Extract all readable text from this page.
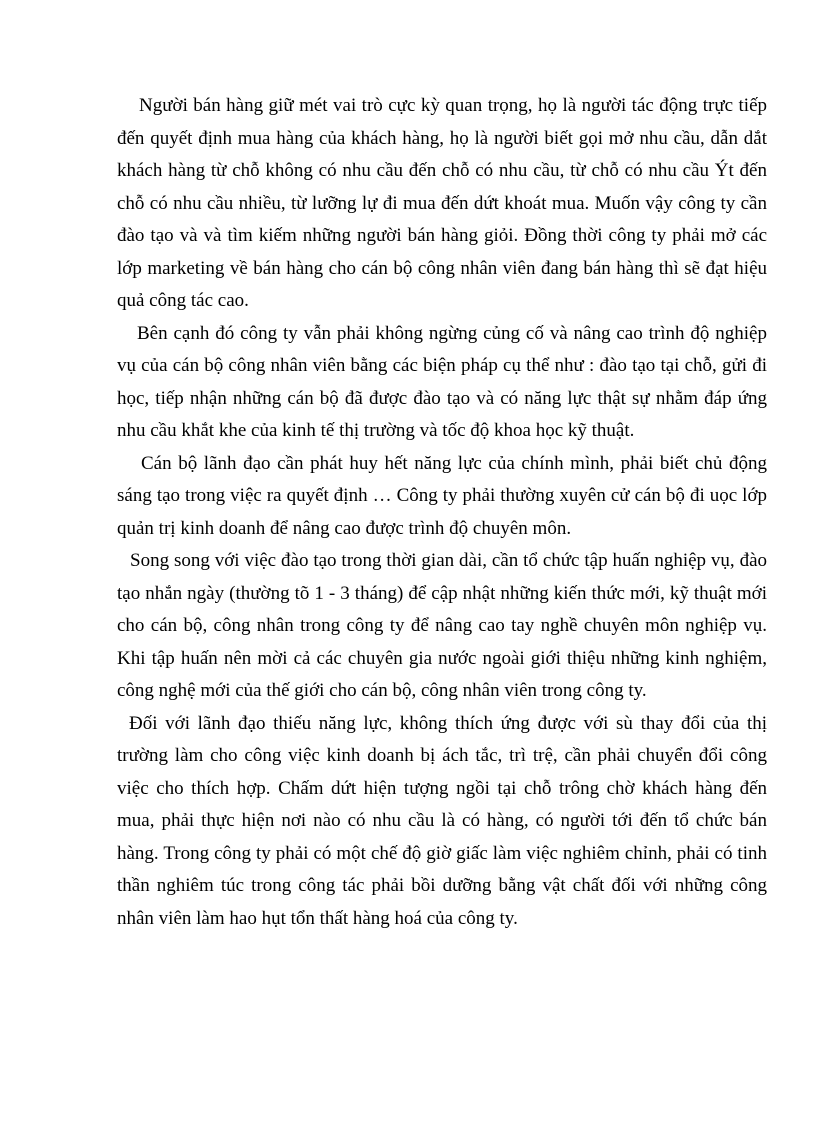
Người bán hàng giữ mét vai trò cực kỳ quan trọng, họ là người tác động trực tiếp đến quyết định mua hàng của khách hàng, họ là người biết gọi mở nhu cầu, dẫn dắt khách hàng từ chỗ không có nhu cầu đến chỗ có nhu cầu, từ chỗ có nhu cầu Ýt đến chỗ có nhu cầu nhiều, từ lưỡng lự đi mua đến dứt khoát mua. Muốn vậy công ty cần đào tạo và và tìm kiếm những người bán hàng giỏi. Đồng thời công ty phải mở các lớp marketing về bán hàng cho cán bộ công nhân viên đang bán hàng thì sẽ đạt hiệu quả công tác cao.

Bên cạnh đó công ty vẫn phải không ngừng củng cố và nâng cao trình độ nghiệp vụ của cán bộ công nhân viên bằng các biện pháp cụ thể như : đào tạo tại chỗ, gửi đi học, tiếp nhận những cán bộ đã được đào tạo và có năng lực thật sự nhằm đáp ứng nhu cầu khắt khe của kinh tế thị trường và tốc độ khoa học kỹ thuật.

Cán bộ lãnh đạo cần phát huy hết năng lực của chính mình, phải biết chủ động sáng tạo trong việc ra quyết định … Công ty phải thường xuyên cử cán bộ đi uọc lớp quản trị kinh doanh để nâng cao được trình độ chuyên môn.

Song song với việc đào tạo trong thời gian dài, cần tổ chức tập huấn nghiệp vụ, đào tạo nhắn ngày (thường tõ 1 - 3 tháng) để cập nhật những kiến thức mới, kỹ thuật mới cho cán bộ, công nhân trong công ty để nâng cao tay nghề chuyên môn nghiệp vụ. Khi tập huấn nên mời cả các chuyên gia nước ngoài giới thiệu những kinh nghiệm, công nghệ mới của thế giới cho cán bộ, công nhân viên trong công ty.

Đối với lãnh đạo thiếu năng lực, không thích ứng được với sù thay đổi của thị trường làm cho công việc kinh doanh bị ách tắc, trì trệ, cần phải chuyển đổi công việc cho thích hợp. Chấm dứt hiện tượng ngồi tại chỗ trông chờ khách hàng đến mua, phải thực hiện nơi nào có nhu cầu là có hàng, có người tới đến tổ chức bán hàng. Trong công ty phải có một chế độ giờ giấc làm việc nghiêm chỉnh, phải có tinh thần nghiêm túc trong công tác phải bồi dưỡng bằng vật chất đối với những công nhân viên làm hao hụt tổn thất hàng hoá của công ty.
